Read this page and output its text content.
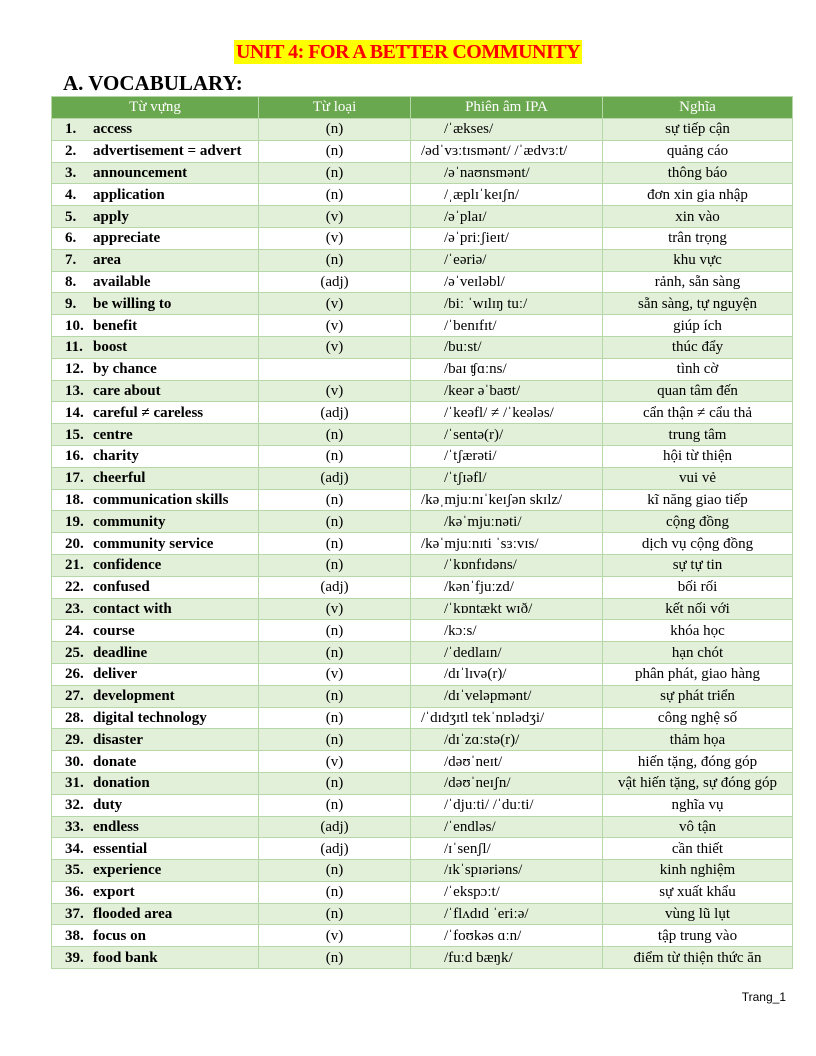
UNIT 4: FOR A BETTER COMMUNITY
A. VOCABULARY:
Từ vựng	Từ loại	Phiên âm IPA	Nghĩa
1. access	(n)	/ˈækses/	sự tiếp cận
2. advertisement = advert	(n)	/ədˈvɜːtɪsmənt/ /ˈædvɜːt/	quảng cáo
3. announcement	(n)	/əˈnaʊnsmənt/	thông báo
4. application	(n)	/ˌæplɪˈkeɪʃn/	đơn xin gia nhập
5. apply	(v)	/əˈplaɪ/	xin vào
6. appreciate	(v)	/əˈpriːʃieɪt/	trân trọng
7. area	(n)	/ˈeəriə/	khu vực
8. available	(adj)	/əˈveɪləbl/	rảnh, sẵn sàng
9. be willing to	(v)	/biː ˈwɪlɪŋ tuː/	sẵn sàng, tự nguyện
10. benefit	(v)	/ˈbenɪfɪt/	giúp ích
11. boost	(v)	/buːst/	thúc đẩy
12. by chance		/baɪ ʧɑːns/	tình cờ
13. care about	(v)	/keər əˈbaʊt/	quan tâm đến
14. careful ≠ careless	(adj)	/ˈkeəfl/ ≠ /ˈkeələs/	cẩn thận ≠ cẩu thả
15. centre	(n)	/ˈsentə(r)/	trung tâm
16. charity	(n)	/ˈtʃærəti/	hội từ thiện
17. cheerful	(adj)	/ˈtʃɪəfl/	vui vẻ
18. communication skills	(n)	/kəˌmjuːnɪˈkeɪʃən skɪlz/	kĩ năng giao tiếp
19. community	(n)	/kəˈmjuːnəti/	cộng đồng
20. community service	(n)	/kəˈmjuːnɪti ˈsɜːvɪs/	dịch vụ cộng đồng
21. confidence	(n)	/ˈkɒnfɪdəns/	sự tự tin
22. confused	(adj)	/kənˈfjuːzd/	bối rối
23. contact with	(v)	/ˈkɒntækt wɪð/	kết nối với
24. course	(n)	/kɔːs/	khóa học
25. deadline	(n)	/ˈdedlaɪn/	hạn chót
26. deliver	(v)	/dɪˈlɪvə(r)/	phân phát, giao hàng
27. development	(n)	/dɪˈveləpmənt/	sự phát triển
28. digital technology	(n)	/ˈdɪdʒɪtl tekˈnɒlədʒi/	công nghệ số
29. disaster	(n)	/dɪˈzɑːstə(r)/	thảm họa
30. donate	(v)	/dəʊˈneɪt/	hiến tặng, đóng góp
31. donation	(n)	/dəʊˈneɪʃn/	vật hiến tặng, sự đóng góp
32. duty	(n)	/ˈdjuːti/ /ˈduːti/	nghĩa vụ
33. endless	(adj)	/ˈendləs/	vô tận
34. essential	(adj)	/ɪˈsenʃl/	cần thiết
35. experience	(n)	/ɪkˈspɪəriəns/	kinh nghiệm
36. export	(n)	/ˈekspɔːt/	sự xuất khẩu
37. flooded area	(n)	/ˈflʌdɪd ˈeriːə/	vùng lũ lụt
38. focus on	(v)	/ˈfoʊkəs ɑːn/	tập trung vào
39. food bank	(n)	/fuːd bæŋk/	điểm từ thiện thức ăn
Trang_1
